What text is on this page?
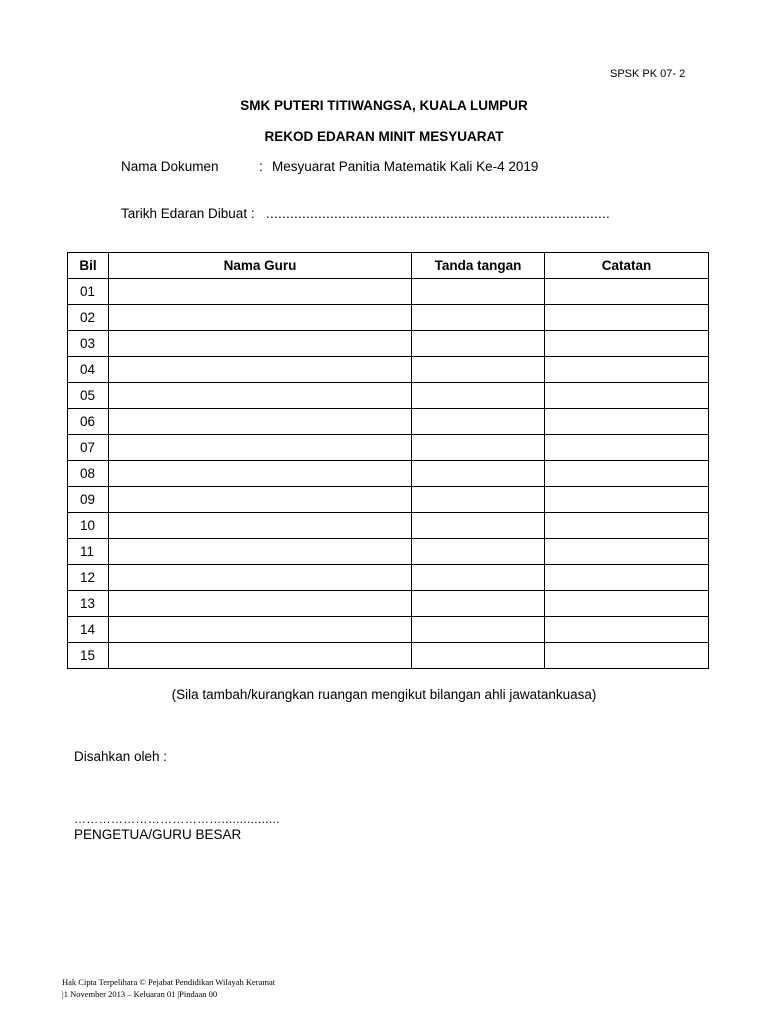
SPSK PK 07- 2
SMK PUTERI TITIWANGSA, KUALA LUMPUR
REKOD EDARAN MINIT MESYUARAT
Nama Dokumen	: Mesyuarat Panitia Matematik Kali Ke-4 2019
Tarikh Edaran Dibuat : ......................................................................................
Bil	Nama Guru	Tanda tangan	Catatan
01			
02			
03			
04			
05			
06			
07			
08			
09			
10			
11			
12			
13			
14			
15			
(Sila tambah/kurangkan ruangan mengikut bilangan ahli jawatankuasa)
Disahkan oleh :
………………………………................
PENGETUA/GURU BESAR
Hak Cipta Terpelihara © Pejabat Pendidikan Wilayah Keramat
|1 November 2013 – Keluaran 01 |Pindaan 00
